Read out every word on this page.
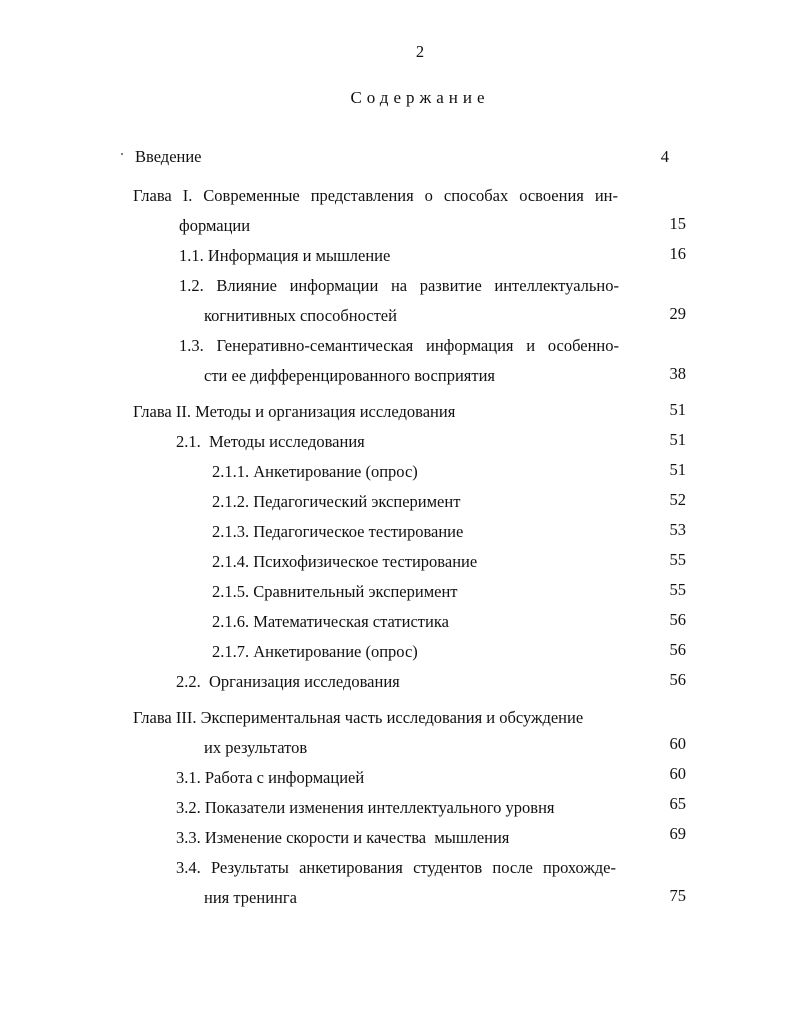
2
Содержание
Введение	4
Глава I. Современные представления о способах освоения ин-
формации	15
1.1. Информация и мышление	16
1.2. Влияние информации на развитие интеллектуально-
когнитивных способностей	29
1.3. Генеративно-семантическая информация и особенно-
сти ее дифференцированного восприятия	38
Глава II. Методы и организация исследования	51
2.1.  Методы исследования	51
2.1.1. Анкетирование (опрос)	51
2.1.2. Педагогический эксперимент	52
2.1.3. Педагогическое тестирование	53
2.1.4. Психофизическое тестирование	55
2.1.5. Сравнительный эксперимент	55
2.1.6. Математическая статистика	56
2.1.7. Анкетирование (опрос)	56
2.2.  Организация исследования	56
Глава III. Экспериментальная часть исследования и обсуждение
их результатов	60
3.1. Работа с информацией	60
3.2. Показатели изменения интеллектуального уровня	65
3.3. Изменение скорости и качества  мышления	69
3.4. Результаты анкетирования студентов после прохожде-
ния тренинга	75
